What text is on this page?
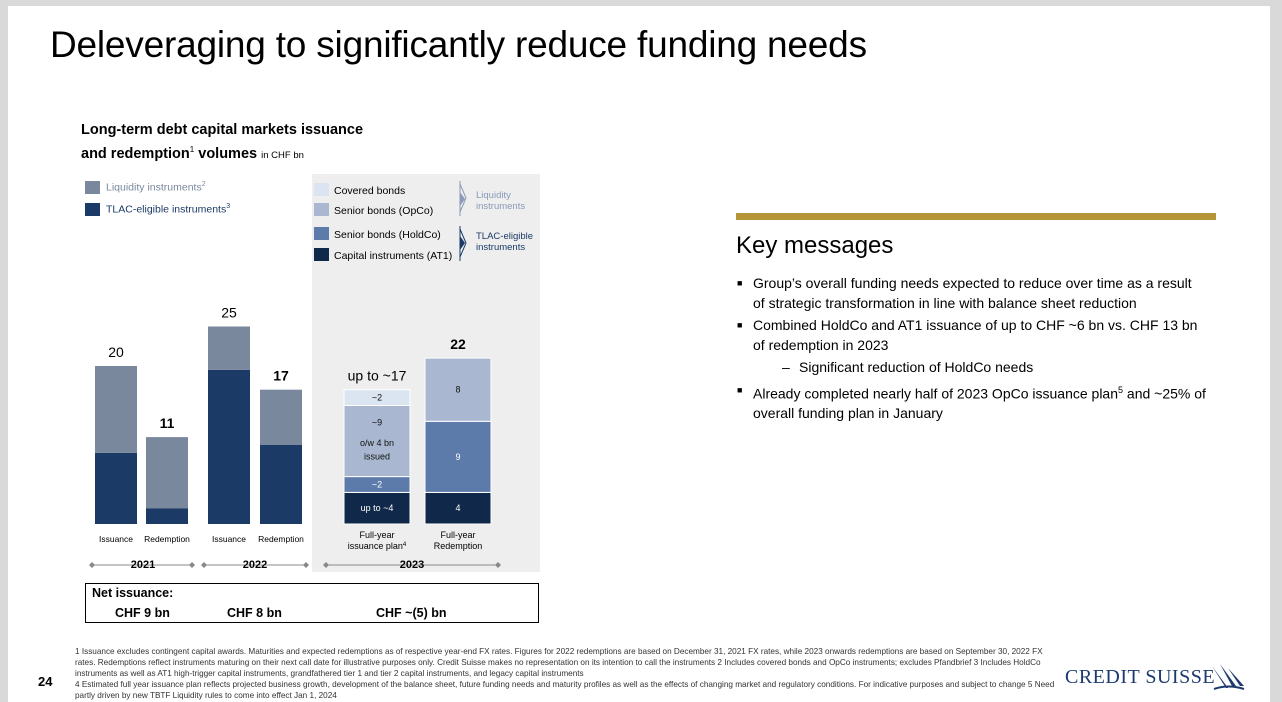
Deleveraging to significantly reduce funding needs
Long-term debt capital markets issuance
and redemption$^1$ volumes in CHF bn
Liquidity instruments$^2$
TLAC-eligible instruments$^3$
Covered bonds
Senior bonds (OpCo)
Senior bonds (HoldCo)
Capital instruments (AT1)
Liquidity instruments
TLAC-eligible instruments
20
11
25
17
up to ~4
~2
~9
o/w 4 bn
issued
~2
up to ~17
4
9
8
22
Issuance Redemption	Issuance Redemption	Full-year
issuance plan$^4$
Full-year
Redemption
2021	2022	2023
Net issuance:
CHF 9 bn	CHF 8 bn	CHF ~(5) bn
Key messages
■ Group’s overall funding needs expected to reduce over time as a result of strategic transformation in line with balance sheet reduction
■ Combined HoldCo and AT1 issuance of up to CHF ~6 bn vs. CHF 13 bn of redemption in 2023
– Significant reduction of HoldCo needs
■ Already completed nearly half of 2023 OpCo issuance plan$^5$ and ~25% of overall funding plan in January
1 Issuance excludes contingent capital awards. Maturities and expected redemptions as of respective year-end FX rates. Figures for 2022 redemptions are based on December 31, 2021 FX rates, while 2023 onwards redemptions are based on September 30, 2022 FX rates. Redemptions reflect instruments maturing on their next call date for illustrative purposes only. Credit Suisse makes no representation on its intention to call the instruments 2 Includes covered bonds and OpCo instruments; excludes Pfandbrief 3 Includes HoldCo instruments as well as AT1 high-trigger capital instruments, grandfathered tier 1 and tier 2 capital instruments, and legacy capital instruments
4 Estimated full year issuance plan reflects projected business growth, development of the balance sheet, future funding needs and maturity profiles as well as the effects of changing market and regulatory conditions. For indicative purposes and subject to change 5 Need partly driven by new TBTF Liquidity rules to come into effect Jan 1, 2024
24	CREDIT SUISSE
